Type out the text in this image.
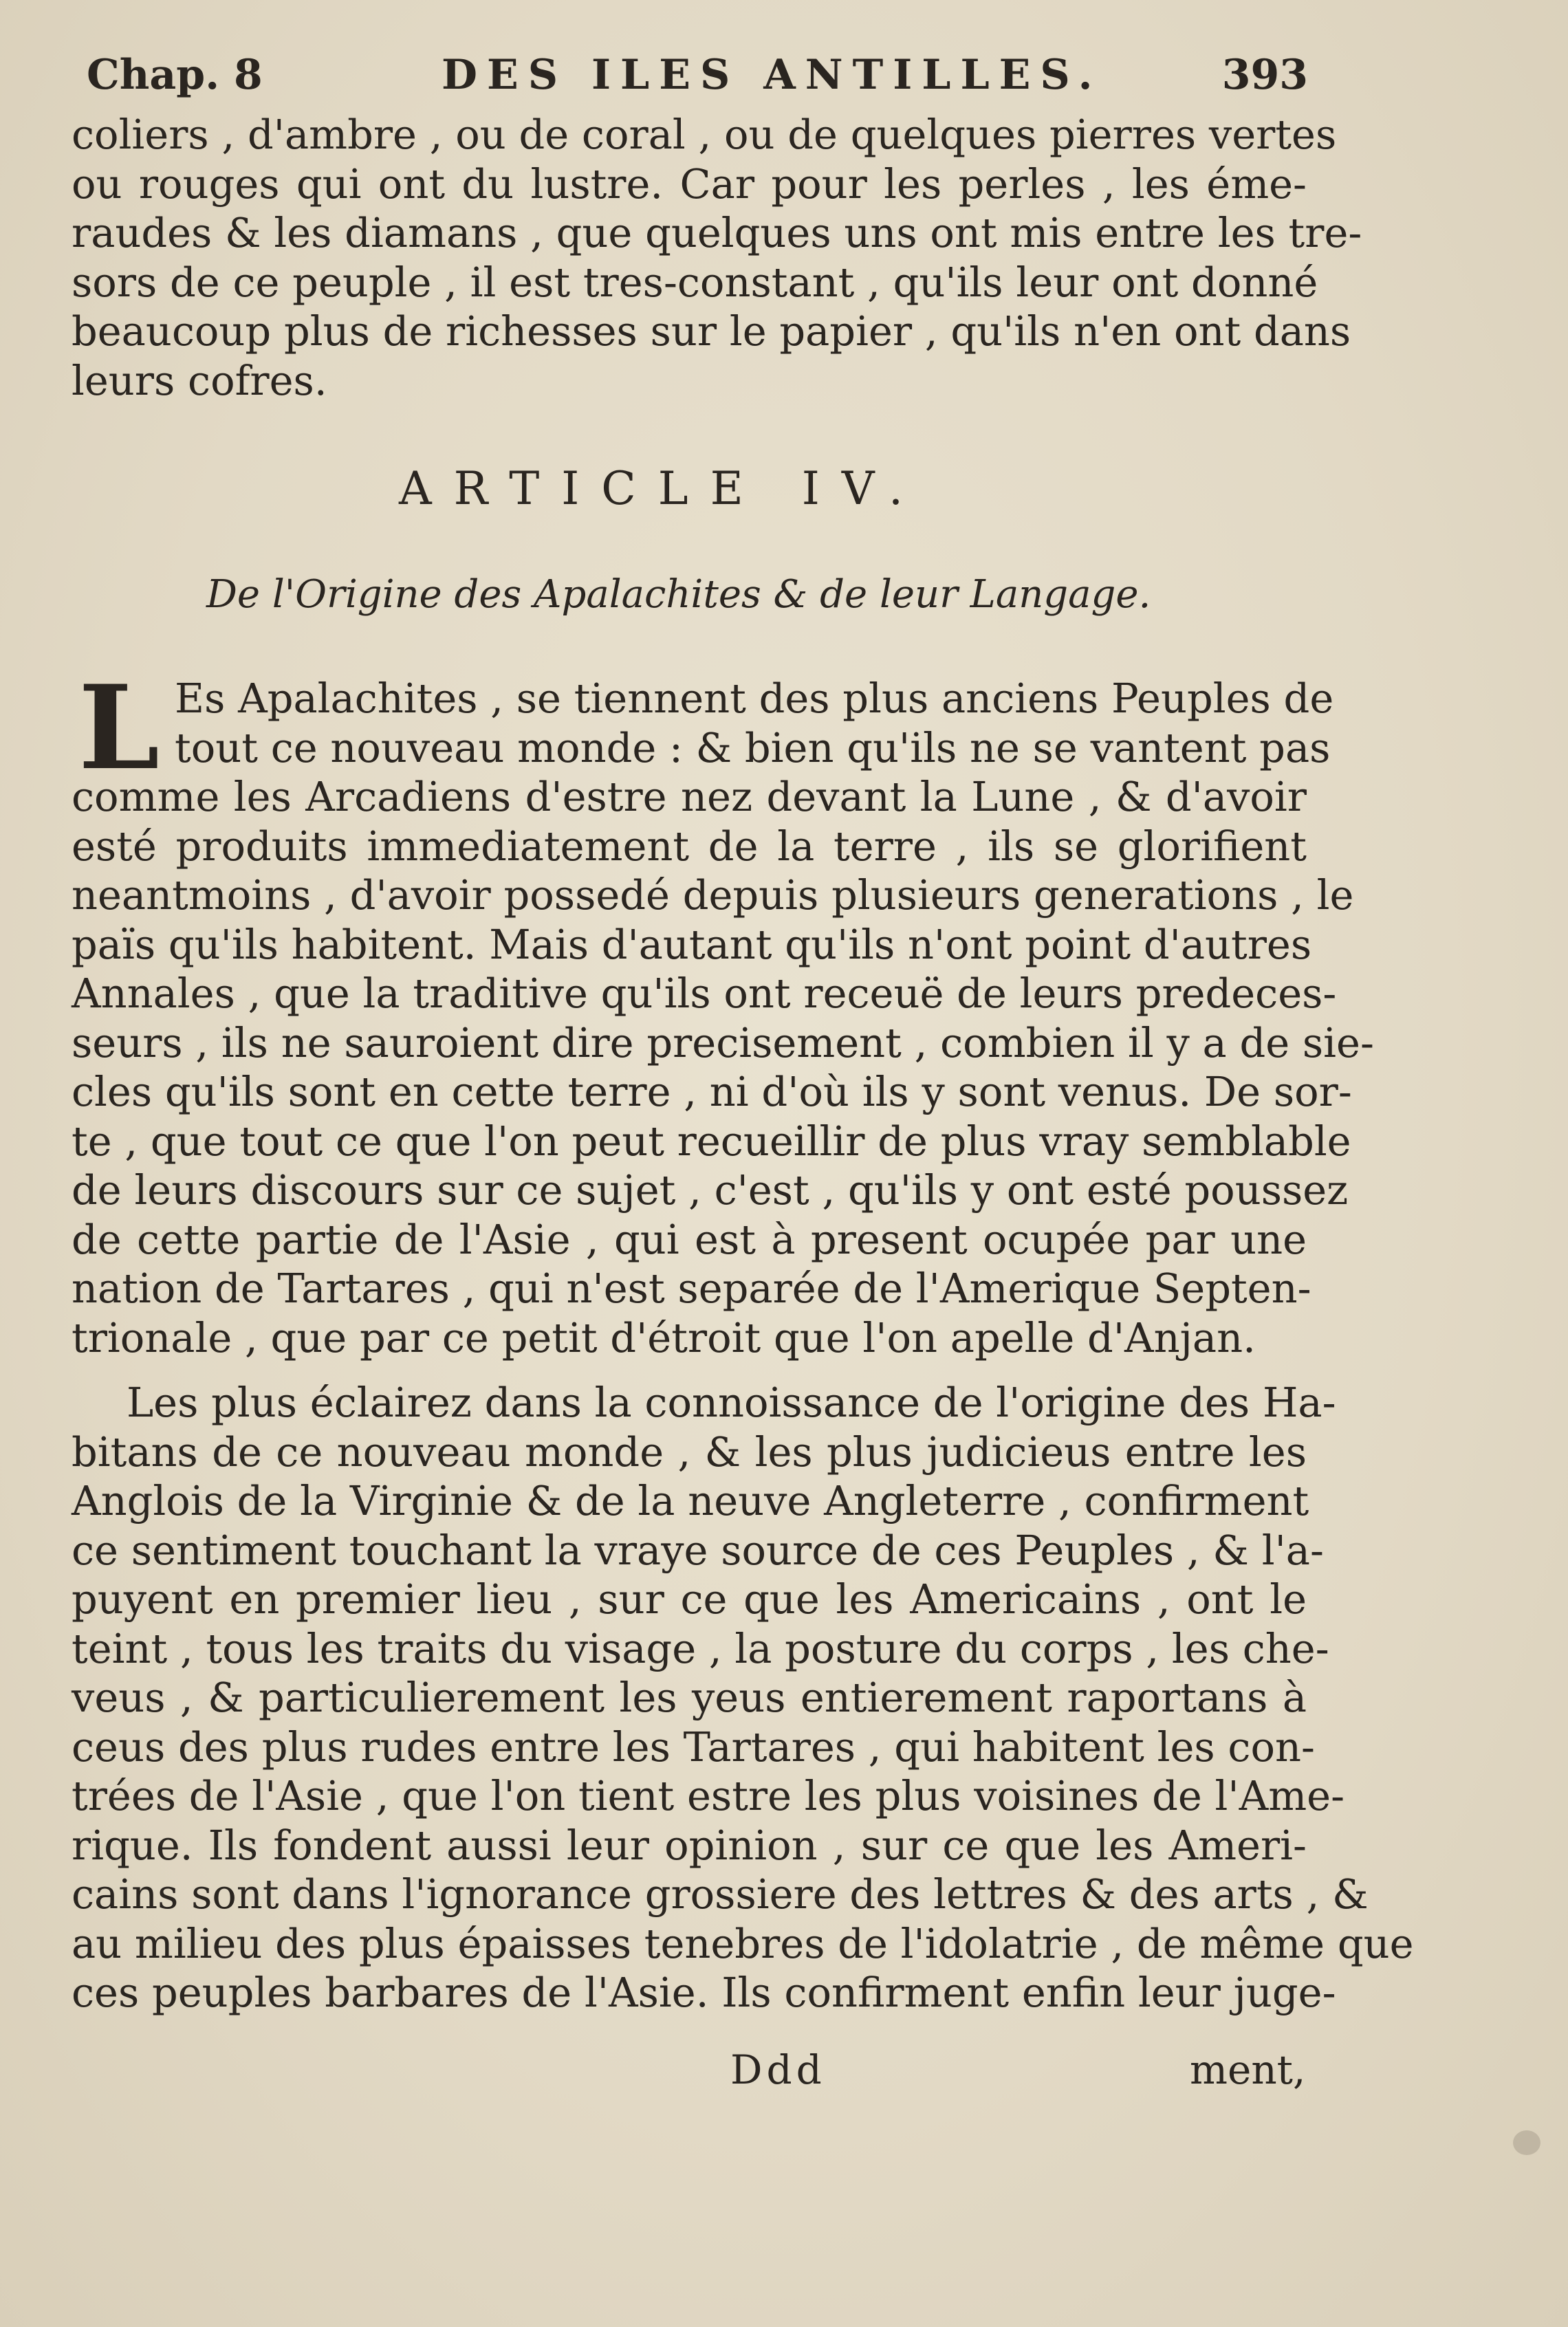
Chap. 8	DES ILES ANTILLES.	393
coliers , d'ambre , ou de coral , ou de quelques pierres vertes
ou rouges qui ont du lustre. Car pour les perles , les éme-
raudes & les diamans , que quelques uns ont mis entre les tre-
sors de ce peuple , il est tres-constant , qu'ils leur ont donné
beaucoup plus de richesses sur le papier , qu'ils n'en ont dans
leurs cofres.
ARTICLE IV.
De l'Origine des Apalachites & de leur Langage.
L Es Apalachites , se tiennent des plus anciens Peuples de
tout ce nouveau monde : & bien qu'ils ne se vantent pas
comme les Arcadiens d'estre nez devant la Lune , & d'avoir
esté produits immediatement de la terre , ils se glorifient
neantmoins , d'avoir possedé depuis plusieurs generations , le
païs qu'ils habitent. Mais d'autant qu'ils n'ont point d'autres
Annales , que la traditive qu'ils ont receuë de leurs predeces-
seurs , ils ne sauroient dire precisement , combien il y a de sie-
cles qu'ils sont en cette terre , ni d'où ils y sont venus. De sor-
te , que tout ce que l'on peut recueillir de plus vray semblable
de leurs discours sur ce sujet , c'est , qu'ils y ont esté poussez
de cette partie de l'Asie , qui est à present ocupée par une
nation de Tartares , qui n'est separée de l'Amerique Septen-
trionale , que par ce petit d'étroit que l'on apelle d'Anjan.
Les plus éclairez dans la connoissance de l'origine des Ha-
bitans de ce nouveau monde , & les plus judicieus entre les
Anglois de la Virginie & de la neuve Angleterre , confirment
ce sentiment touchant la vraye source de ces Peuples , & l'a-
puyent en premier lieu , sur ce que les Americains , ont le
teint , tous les traits du visage , la posture du corps , les che-
veus , & particulierement les yeus entierement raportans à
ceus des plus rudes entre les Tartares , qui habitent les con-
trées de l'Asie , que l'on tient estre les plus voisines de l'Ame-
rique. Ils fondent aussi leur opinion , sur ce que les Ameri-
cains sont dans l'ignorance grossiere des lettres & des arts , &
au milieu des plus épaisses tenebres de l'idolatrie , de même que
ces peuples barbares de l'Asie. Ils confirment enfin leur juge-
Ddd	ment,
